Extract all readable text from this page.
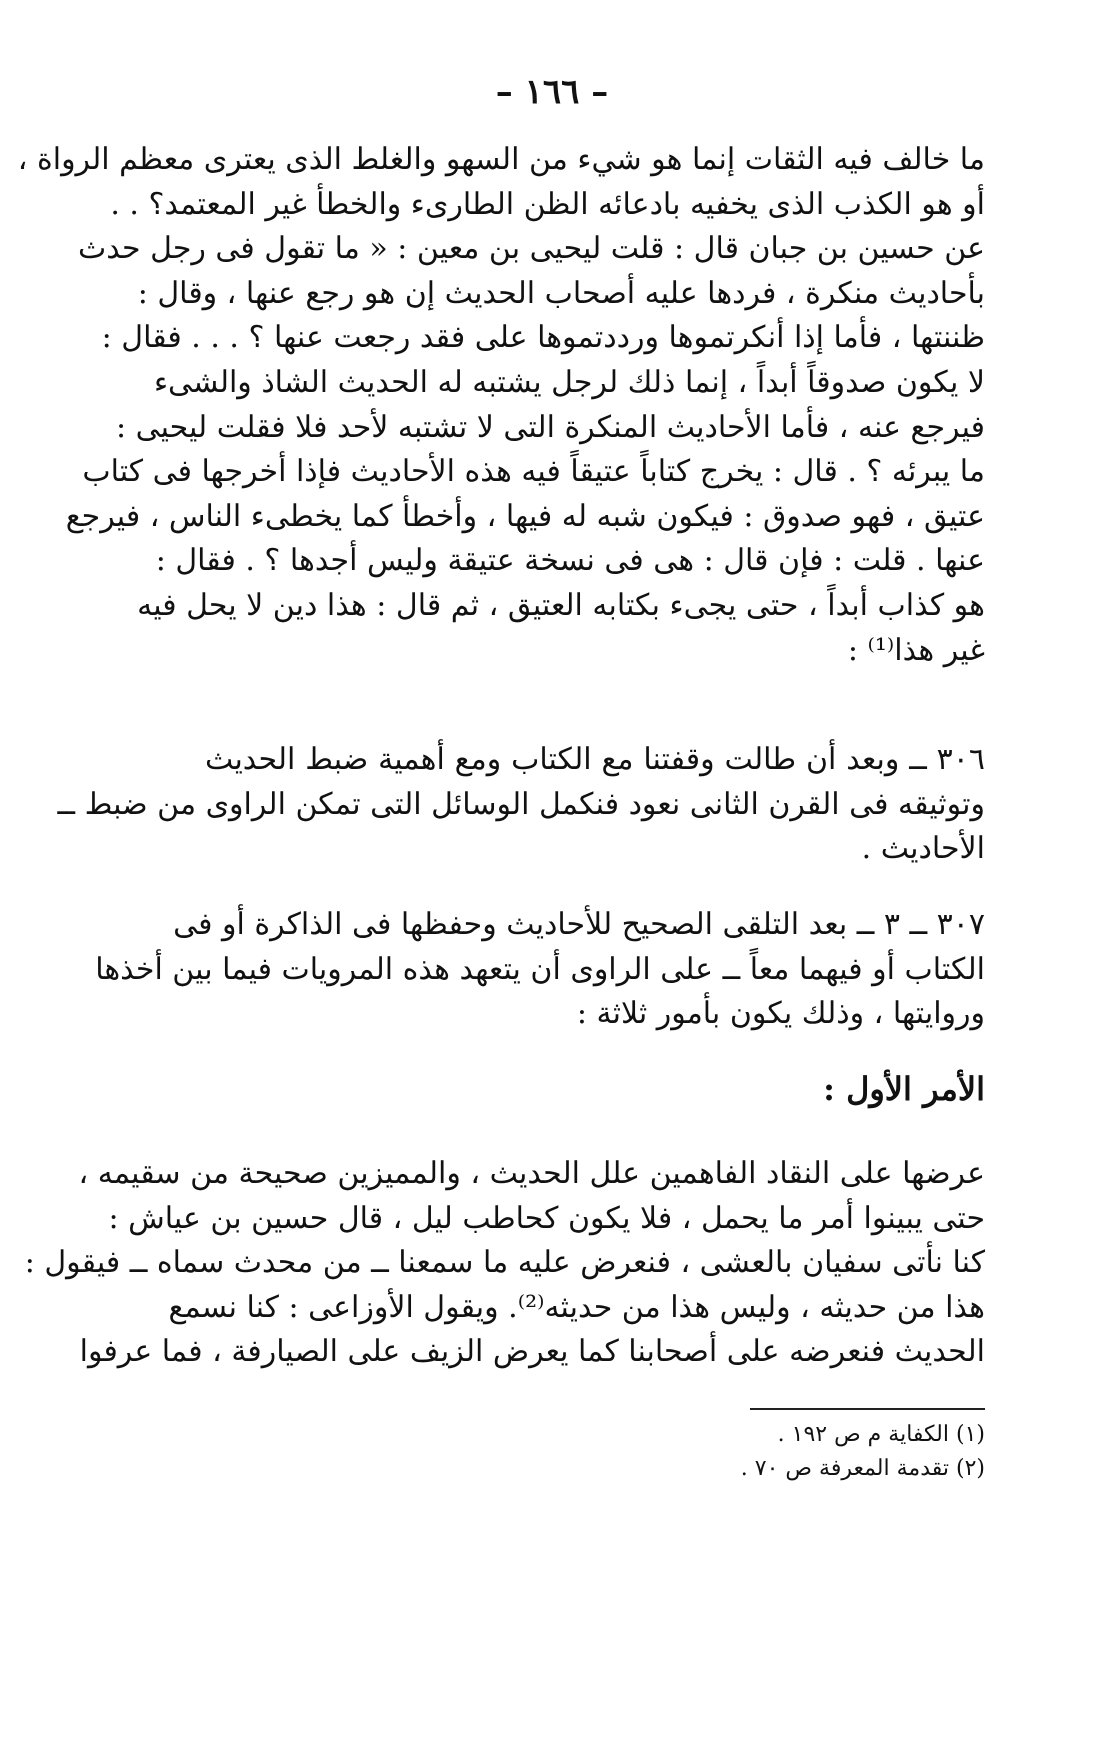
– ١٦٦ –
ما خالف فيه الثقات إنما هو شيء من السهو والغلط الذى يعترى معظم الرواة ،
أو هو الكذب الذى يخفيه بادعائه الظن الطارىء والخطأ غير المعتمد؟ . .
عن حسين بن جبان قال : قلت ليحيى بن معين : « ما تقول فى رجل حدث
بأحاديث منكرة ، فردها عليه أصحاب الحديث إن هو رجع عنها ، وقال :
ظننتها ، فأما إذا أنكرتموها ورددتموها على فقد رجعت عنها ؟ . . . فقال :
لا يكون صدوقاً أبداً ، إنما ذلك لرجل يشتبه له الحديث الشاذ والشىء
فيرجع عنه ، فأما الأحاديث المنكرة التى لا تشتبه لأحد فلا فقلت ليحيى :
ما يبرئه ؟ . قال : يخرج كتاباً عتيقاً فيه هذه الأحاديث فإذا أخرجها فى كتاب
عتيق ، فهو صدوق : فيكون شبه له فيها ، وأخطأ كما يخطىء الناس ، فيرجع
عنها . قلت : فإن قال : هى فى نسخة عتيقة وليس أجدها ؟ . فقال :
هو كذاب أبداً ، حتى يجىء بكتابه العتيق ، ثم قال : هذا دين لا يحل فيه
غير هذا⁽¹⁾ :
٣٠٦ ــ وبعد أن طالت وقفتنا مع الكتاب ومع أهمية ضبط الحديث
وتوثيقه فى القرن الثانى نعود فنكمل الوسائل التى تمكن الراوى من ضبط ــ
الأحاديث .
٣٠٧ ــ ٣ ــ بعد التلقى الصحيح للأحاديث وحفظها فى الذاكرة أو فى
الكتاب أو فيهما معاً ــ على الراوى أن يتعهد هذه المرويات فيما بين أخذها
وروايتها ، وذلك يكون بأمور ثلاثة :
الأمر الأول :
عرضها على النقاد الفاهمين علل الحديث ، والمميزين صحيحة من سقيمه ،
حتى يبينوا أمر ما يحمل ، فلا يكون كحاطب ليل ، قال حسين بن عياش :
كنا نأتى سفيان بالعشى ، فنعرض عليه ما سمعنا ــ من محدث سماه ــ فيقول :
هذا من حديثه ، وليس هذا من حديثه⁽²⁾. ويقول الأوزاعى : كنا نسمع
الحديث فنعرضه على أصحابنا كما يعرض الزيف على الصيارفة ، فما عرفوا
(١) الكفاية م ص ١٩٢ .
(٢) تقدمة المعرفة ص ٧٠ .
